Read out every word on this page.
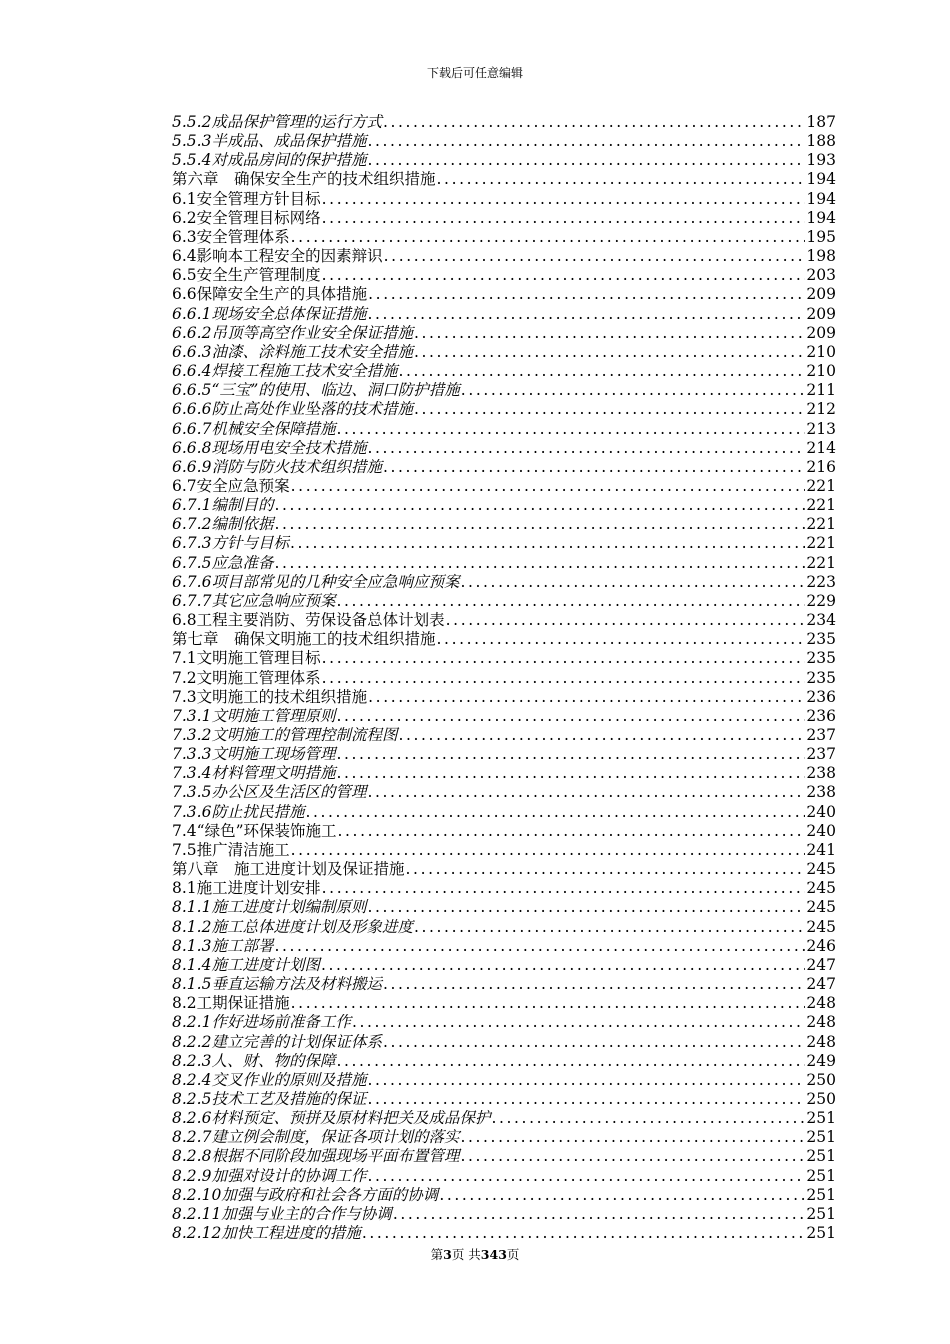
下载后可任意编辑
5.5.2成品保护管理的运行方式 .....	187
5.5.3半成品、成品保护措施 .....	188
5.5.4对成品房间的保护措施 .....	193
第六章　确保安全生产的技术组织措施 .....	194
6.1安全管理方针目标 .....	194
6.2安全管理目标网络 .....	194
6.3安全管理体系 .....	195
6.4影响本工程安全的因素辩识 .....	198
6.5安全生产管理制度 .....	203
6.6保障安全生产的具体措施 .....	209
6.6.1现场安全总体保证措施 .....	209
6.6.2吊顶等高空作业安全保证措施 .....	209
6.6.3油漆、涂料施工技术安全措施 .....	210
6.6.4焊接工程施工技术安全措施 .....	210
6.6.5“三宝”的使用、临边、洞口防护措施 .....	211
6.6.6防止高处作业坠落的技术措施 .....	212
6.6.7机械安全保障措施 .....	213
6.6.8现场用电安全技术措施 .....	214
6.6.9消防与防火技术组织措施 .....	216
6.7安全应急预案 .....	221
6.7.1编制目的 .....	221
6.7.2编制依据 .....	221
6.7.3方针与目标 .....	221
6.7.5应急准备 .....	221
6.7.6项目部常见的几种安全应急响应预案 .....	223
6.7.7其它应急响应预案 .....	229
6.8工程主要消防、劳保设备总体计划表 .....	234
第七章　确保文明施工的技术组织措施 .....	235
7.1文明施工管理目标 .....	235
7.2文明施工管理体系 .....	235
7.3文明施工的技术组织措施 .....	236
7.3.1文明施工管理原则 .....	236
7.3.2文明施工的管理控制流程图 .....	237
7.3.3文明施工现场管理 .....	237
7.3.4材料管理文明措施 .....	238
7.3.5办公区及生活区的管理 .....	238
7.3.6防止扰民措施 .....	240
7.4“绿色”环保装饰施工 .....	240
7.5推广清洁施工 .....	241
第八章　施工进度计划及保证措施 .....	245
8.1施工进度计划安排 .....	245
8.1.1施工进度计划编制原则 .....	245
8.1.2施工总体进度计划及形象进度 .....	245
8.1.3施工部署 .....	246
8.1.4施工进度计划图 .....	247
8.1.5垂直运输方法及材料搬运 .....	247
8.2工期保证措施 .....	248
8.2.1作好进场前准备工作 .....	248
8.2.2建立完善的计划保证体系 .....	248
8.2.3人、财、物的保障 .....	249
8.2.4交叉作业的原则及措施 .....	250
8.2.5技术工艺及措施的保证 .....	250
8.2.6材料预定、预拼及原材料把关及成品保护 .....	251
8.2.7建立例会制度，保证各项计划的落实 .....	251
8.2.8根据不同阶段加强现场平面布置管理 .....	251
8.2.9加强对设计的协调工作 .....	251
8.2.10加强与政府和社会各方面的协调 .....	251
8.2.11加强与业主的合作与协调 .....	251
8.2.12加快工程进度的措施 .....	251
第3页 共343页
